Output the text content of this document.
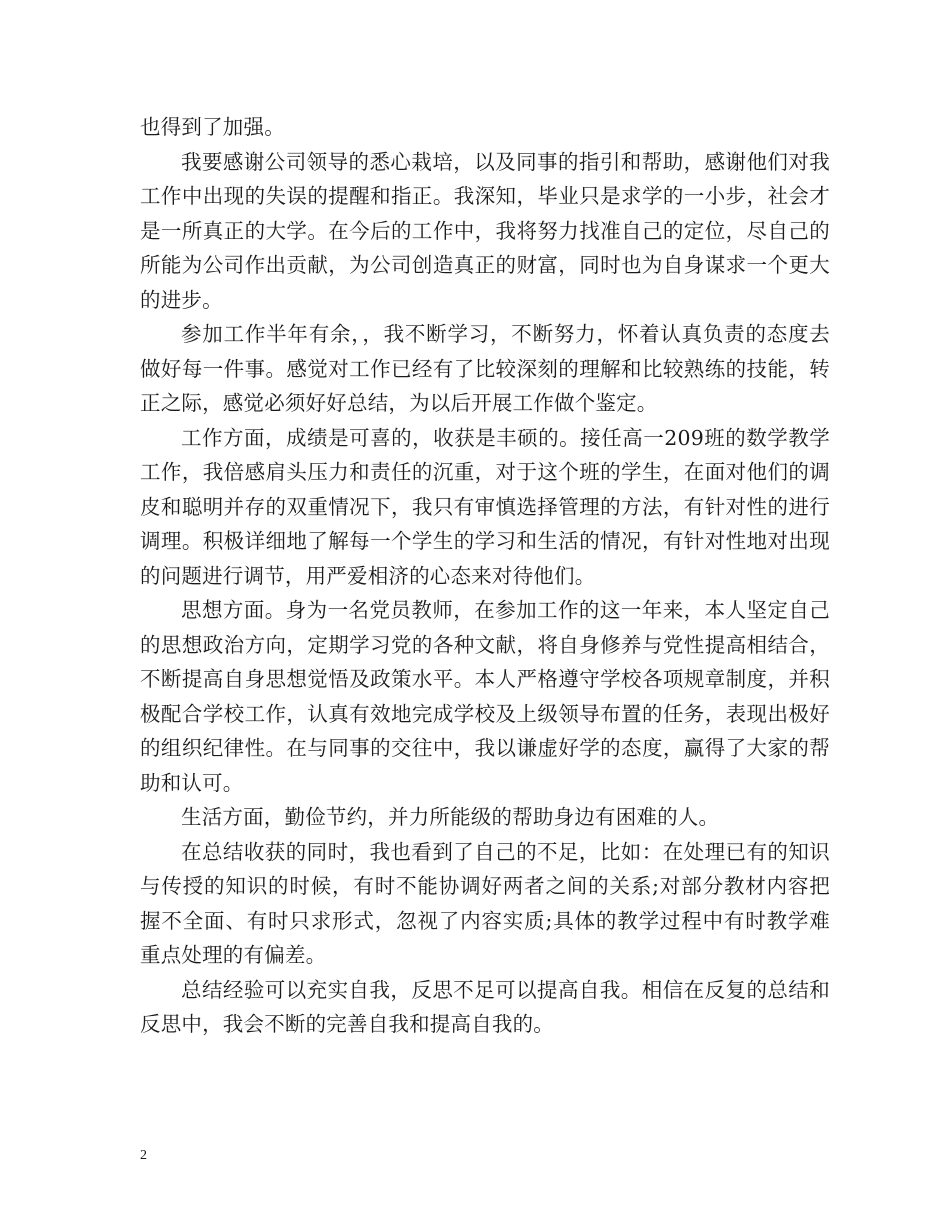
也得到了加强。

我要感谢公司领导的悉心栽培，以及同事的指引和帮助，感谢他们对我工作中出现的失误的提醒和指正。我深知，毕业只是求学的一小步，社会才是一所真正的大学。在今后的工作中，我将努力找准自己的定位，尽自己的所能为公司作出贡献，为公司创造真正的财富，同时也为自身谋求一个更大的进步。

参加工作半年有余，，我不断学习，不断努力，怀着认真负责的态度去做好每一件事。感觉对工作已经有了比较深刻的理解和比较熟练的技能，转正之际，感觉必须好好总结，为以后开展工作做个鉴定。

工作方面，成绩是可喜的，收获是丰硕的。接任高一209班的数学教学工作，我倍感肩头压力和责任的沉重，对于这个班的学生，在面对他们的调皮和聪明并存的双重情况下，我只有审慎选择管理的方法，有针对性的进行调理。积极详细地了解每一个学生的学习和生活的情况，有针对性地对出现的问题进行调节，用严爱相济的心态来对待他们。

思想方面。身为一名党员教师，在参加工作的这一年来，本人坚定自己的思想政治方向，定期学习党的各种文献，将自身修养与党性提高相结合，不断提高自身思想觉悟及政策水平。本人严格遵守学校各项规章制度，并积极配合学校工作，认真有效地完成学校及上级领导布置的任务，表现出极好的组织纪律性。在与同事的交往中，我以谦虚好学的态度，赢得了大家的帮助和认可。

生活方面，勤俭节约，并力所能级的帮助身边有困难的人。

在总结收获的同时，我也看到了自己的不足，比如：在处理已有的知识与传授的知识的时候，有时不能协调好两者之间的关系;对部分教材内容把握不全面、有时只求形式，忽视了内容实质;具体的教学过程中有时教学难重点处理的有偏差。

总结经验可以充实自我，反思不足可以提高自我。相信在反复的总结和反思中，我会不断的完善自我和提高自我的。

2
